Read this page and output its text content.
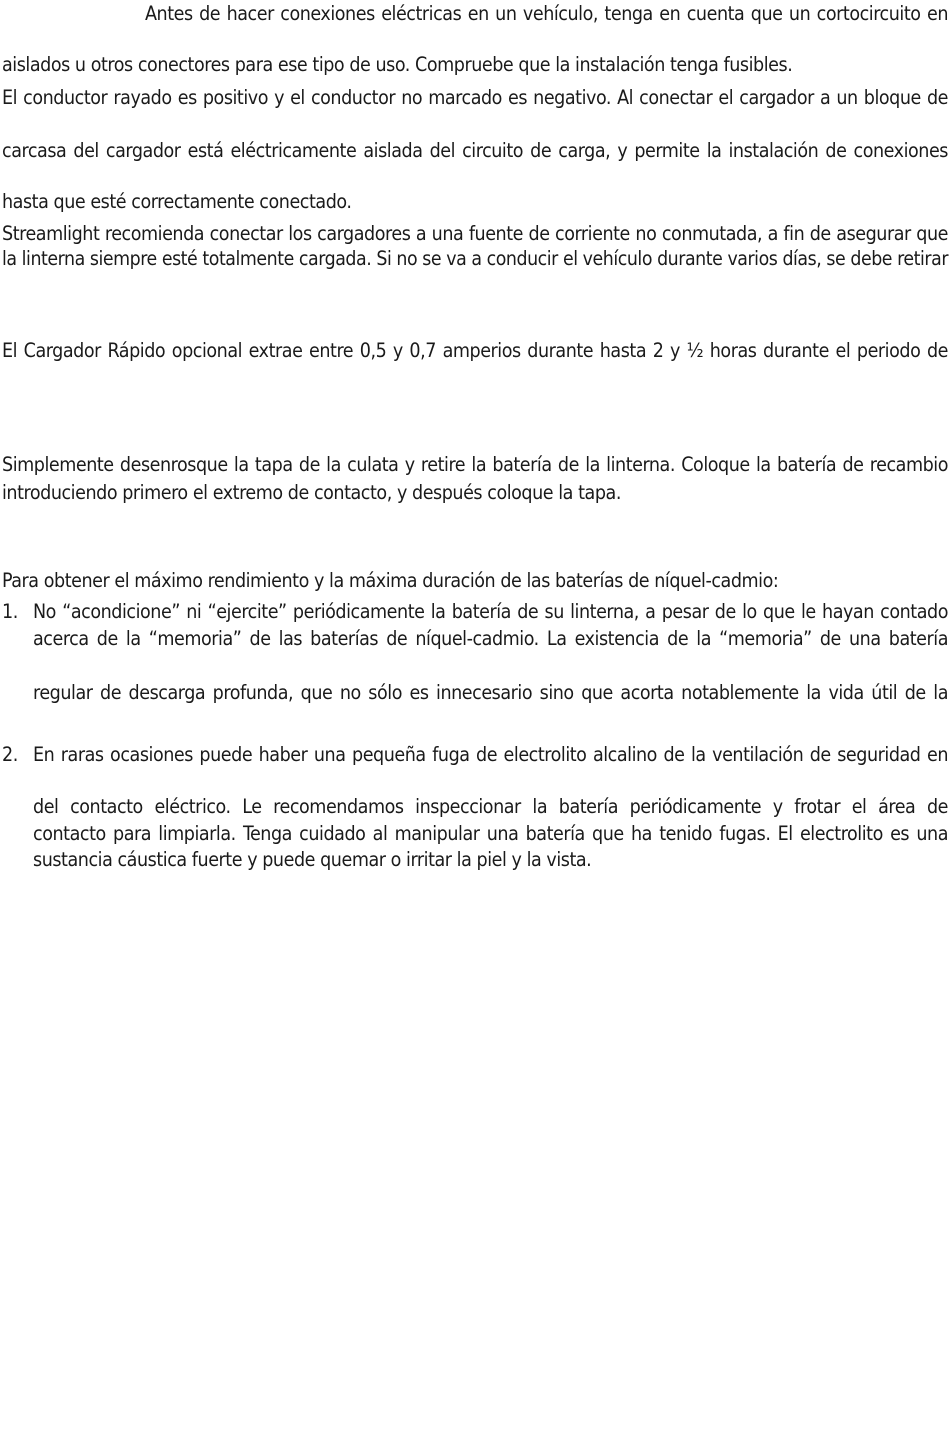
Antes de hacer conexiones eléctricas en un vehículo, tenga en cuenta que un cortocircuito en
aislados u otros conectores para ese tipo de uso. Compruebe que la instalación tenga fusibles.
El conductor rayado es positivo y el conductor no marcado es negativo. Al conectar el cargador a un bloque de
carcasa del cargador está eléctricamente aislada del circuito de carga, y permite la instalación de conexiones
hasta que esté correctamente conectado.
Streamlight recomienda conectar los cargadores a una fuente de corriente no conmutada, a fin de asegurar que
la linterna siempre esté totalmente cargada. Si no se va a conducir el vehículo durante varios días, se debe retirar
El Cargador Rápido opcional extrae entre 0,5 y 0,7 amperios durante hasta 2 y ½ horas durante el periodo de
Simplemente desenrosque la tapa de la culata y retire la batería de la linterna. Coloque la batería de recambio
introduciendo primero el extremo de contacto, y después coloque la tapa.
Para obtener el máximo rendimiento y la máxima duración de las baterías de níquel-cadmio:
1. No “acondicione” ni “ejercite” periódicamente la batería de su linterna, a pesar de lo que le hayan contado
acerca de la “memoria” de las baterías de níquel-cadmio. La existencia de la “memoria” de una batería
regular de descarga profunda, que no sólo es innecesario sino que acorta notablemente la vida útil de la
2. En raras ocasiones puede haber una pequeña fuga de electrolito alcalino de la ventilación de seguridad en
del contacto eléctrico. Le recomendamos inspeccionar la batería periódicamente y frotar el área de
contacto para limpiarla. Tenga cuidado al manipular una batería que ha tenido fugas. El electrolito es una
sustancia cáustica fuerte y puede quemar o irritar la piel y la vista.
